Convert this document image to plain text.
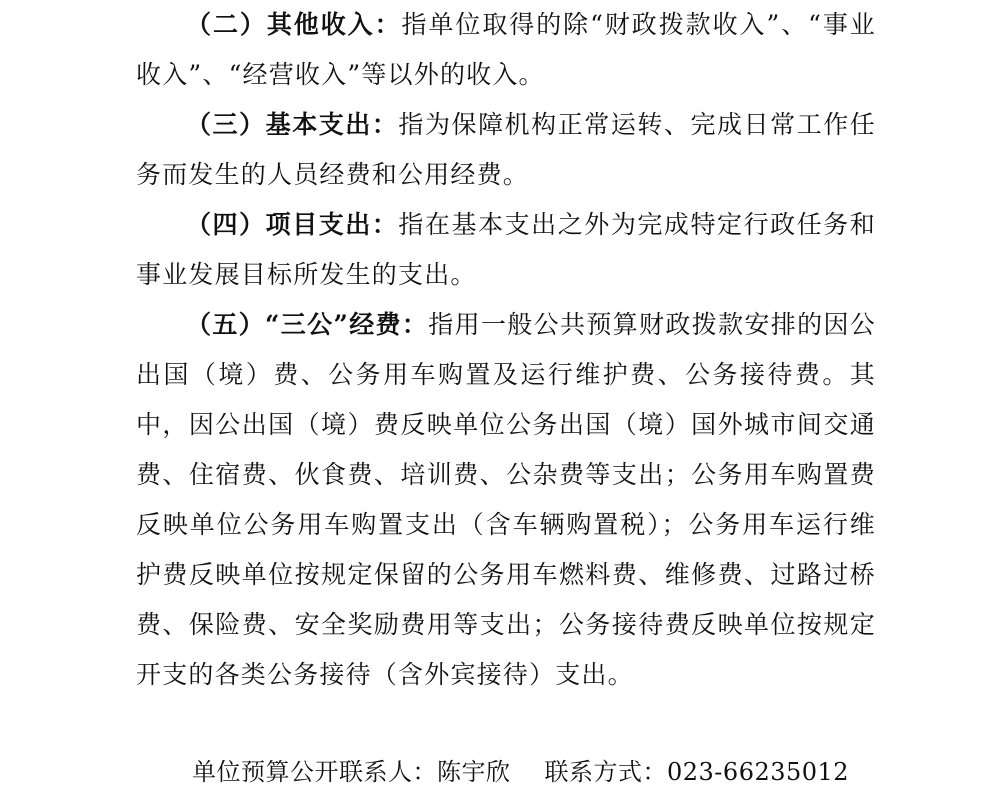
（二）其他收入：指单位取得的除“财政拨款收入”、“事业收入”、“经营收入”等以外的收入。

（三）基本支出：指为保障机构正常运转、完成日常工作任务而发生的人员经费和公用经费。

（四）项目支出：指在基本支出之外为完成特定行政任务和事业发展目标所发生的支出。

（五）“三公”经费：指用一般公共预算财政拨款安排的因公出国（境）费、公务用车购置及运行维护费、公务接待费。其中，因公出国（境）费反映单位公务出国（境）国外城市间交通费、住宿费、伙食费、培训费、公杂费等支出；公务用车购置费反映单位公务用车购置支出（含车辆购置税）；公务用车运行维护费反映单位按规定保留的公务用车燃料费、维修费、过路过桥费、保险费、安全奖励费用等支出；公务接待费反映单位按规定开支的各类公务接待（含外宾接待）支出。

单位预算公开联系人：陈宇欣 联系方式：023-66235012
